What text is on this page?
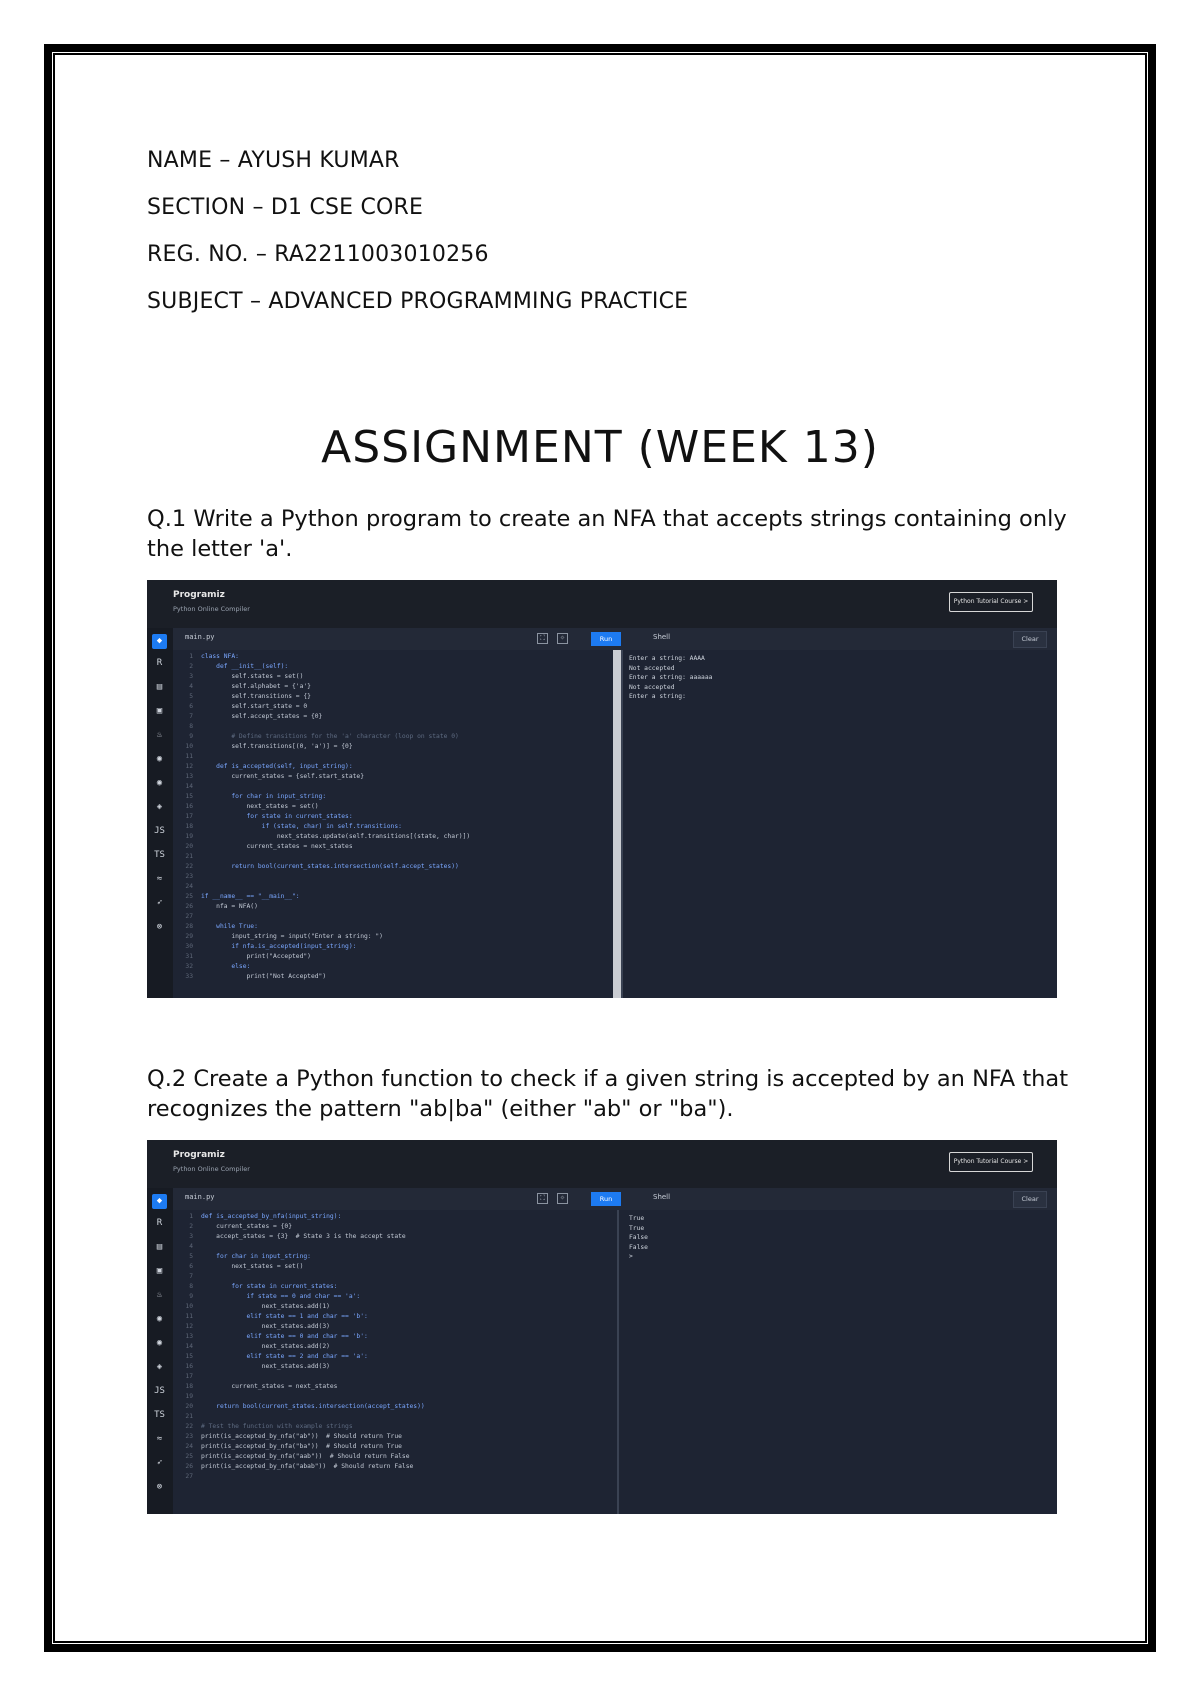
NAME – AYUSH KUMAR
SECTION – D1 CSE CORE
REG. NO. – RA2211003010256
SUBJECT – ADVANCED PROGRAMMING PRACTICE
ASSIGNMENT (WEEK 13)
Q.1 Write a Python program to create an NFA that accepts strings containing only the letter 'a'.
Programiz
Python Online Compiler
Python Tutorial Course >
◆
R
▤
▣
♨
◉
◉
◈
JS
TS
≈
➶
⊗
main.py	⛶	☼	Run	Shell	Clear
1 class NFA:
2    def __init__(self):
3        self.states = set()
4        self.alphabet = {'a'}
5        self.transitions = {}
6        self.start_state = 0
7        self.accept_states = {0}
8
9        # Define transitions for the 'a' character (loop on state 0)
10        self.transitions[(0, 'a')] = {0}
11
12    def is_accepted(self, input_string):
13        current_states = {self.start_state}
14
15        for char in input_string:
16            next_states = set()
17            for state in current_states:
18                if (state, char) in self.transitions:
19                    next_states.update(self.transitions[(state, char)])
20            current_states = next_states
21
22        return bool(current_states.intersection(self.accept_states))
23
24
25 if __name__ == "__main__":
26    nfa = NFA()
27
28    while True:
29        input_string = input("Enter a string: ")
30        if nfa.is_accepted(input_string):
31            print("Accepted")
32        else:
33            print("Not Accepted")
Enter a string: AAAA
Not accepted
Enter a string: aaaaaa
Not accepted
Enter a string:
Q.2 Create a Python function to check if a given string is accepted by an NFA that recognizes the pattern "ab|ba" (either "ab" or "ba").
Programiz
Python Online Compiler
Python Tutorial Course >
◆
R
▤
▣
♨
◉
◉
◈
JS
TS
≈
➶
⊗
main.py	⛶	☼	Run	Shell	Clear
1 def is_accepted_by_nfa(input_string):
2    current_states = {0}
3    accept_states = {3}  # State 3 is the accept state
4
5    for char in input_string:
6        next_states = set()
7
8        for state in current_states:
9            if state == 0 and char == 'a':
10                next_states.add(1)
11            elif state == 1 and char == 'b':
12                next_states.add(3)
13            elif state == 0 and char == 'b':
14                next_states.add(2)
15            elif state == 2 and char == 'a':
16                next_states.add(3)
17
18        current_states = next_states
19
20    return bool(current_states.intersection(accept_states))
21
22 # Test the function with example strings
23 print(is_accepted_by_nfa("ab"))  # Should return True
24 print(is_accepted_by_nfa("ba"))  # Should return True
25 print(is_accepted_by_nfa("aab"))  # Should return False
26 print(is_accepted_by_nfa("abab"))  # Should return False
27
True
True
False
False
>
